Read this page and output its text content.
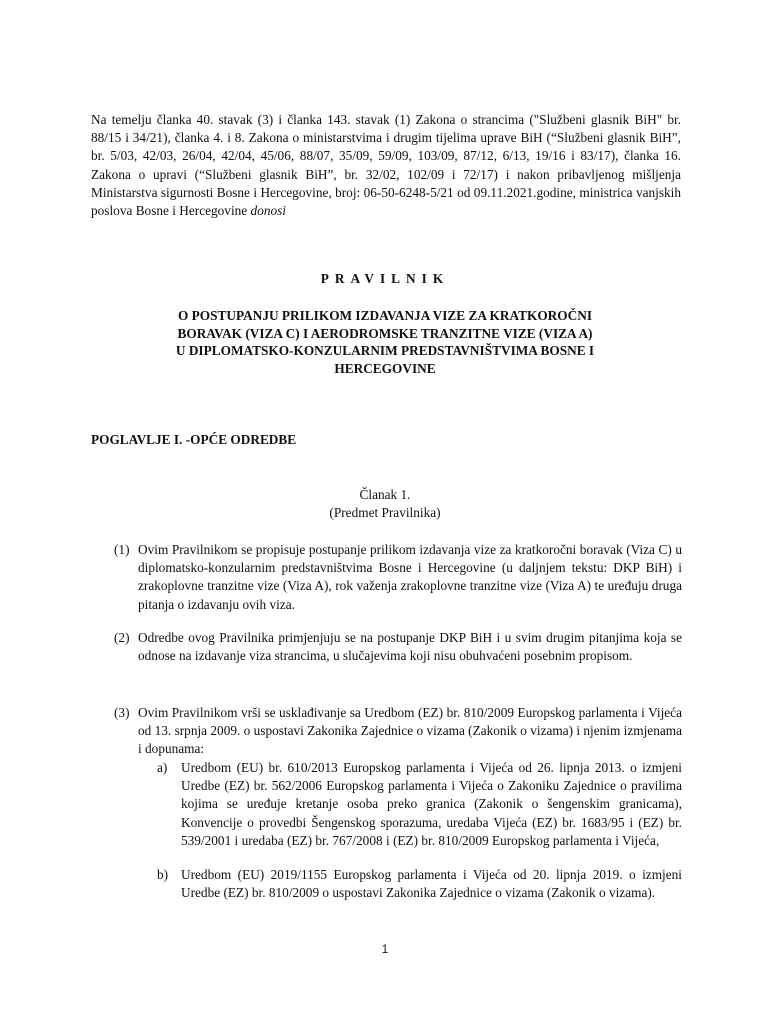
Na temelju članka 40. stavak (3) i članka 143. stavak (1) Zakona o strancima ("Službeni glasnik BiH" br. 88/15 i 34/21), članka 4. i 8. Zakona o ministarstvima i drugim tijelima uprave BiH (“Službeni glasnik BiH”, br. 5/03, 42/03, 26/04, 42/04, 45/06, 88/07, 35/09, 59/09, 103/09, 87/12, 6/13, 19/16 i 83/17), članka 16. Zakona o upravi (“Službeni glasnik BiH”, br. 32/02, 102/09 i 72/17) i nakon pribavljenog mišljenja Ministarstva sigurnosti Bosne i Hercegovine, broj: 06-50-6248-5/21 od 09.11.2021.godine, ministrica vanjskih poslova Bosne i Hercegovine donosi

PRAVILNIK
O POSTUPANJU PRILIKOM IZDAVANJA VIZE ZA KRATKOROČNI
BORAVAK (VIZA C) I AERODROMSKE TRANZITNE VIZE (VIZA A)
U DIPLOMATSKO-KONZULARNIM PREDSTAVNIŠTVIMA BOSNE I
HERCEGOVINE
POGLAVLJE I. -OPĆE ODREDBE
Članak 1.
(Predmet Pravilnika)
(1) Ovim Pravilnikom se propisuje postupanje prilikom izdavanja vize za kratkoročni boravak (Viza C) u diplomatsko-konzularnim predstavništvima Bosne i Hercegovine (u daljnjem tekstu: DKP BiH) i zrakoplovne tranzitne vize (Viza A), rok važenja zrakoplovne tranzitne vize (Viza A) te uređuju druga pitanja o izdavanju ovih viza.
(2) Odredbe ovog Pravilnika primjenjuju se na postupanje DKP BiH i u svim drugim pitanjima koja se odnose na izdavanje viza strancima, u slučajevima koji nisu obuhvaćeni posebnim propisom.
(3) Ovim Pravilnikom vrši se usklađivanje sa Uredbom (EZ) br. 810/2009 Europskog parlamenta i Vijeća od 13. srpnja 2009. o uspostavi Zakonika Zajednice o vizama (Zakonik o vizama) i njenim izmjenama i dopunama:
a) Uredbom (EU) br. 610/2013 Europskog parlamenta i Vijeća od 26. lipnja 2013. o izmjeni Uredbe (EZ) br. 562/2006 Europskog parlamenta i Vijeća o Zakoniku Zajednice o pravilima kojima se uređuje kretanje osoba preko granica (Zakonik o šengenskim granicama), Konvencije o provedbi Šengenskog sporazuma, uredaba Vijeća (EZ) br. 1683/95 i (EZ) br. 539/2001 i uredaba (EZ) br. 767/2008 i (EZ) br. 810/2009 Europskog parlamenta i Vijeća,
b) Uredbom (EU) 2019/1155 Europskog parlamenta i Vijeća od 20. lipnja 2019. o izmjeni Uredbe (EZ) br. 810/2009 o uspostavi Zakonika Zajednice o vizama (Zakonik o vizama).
1
